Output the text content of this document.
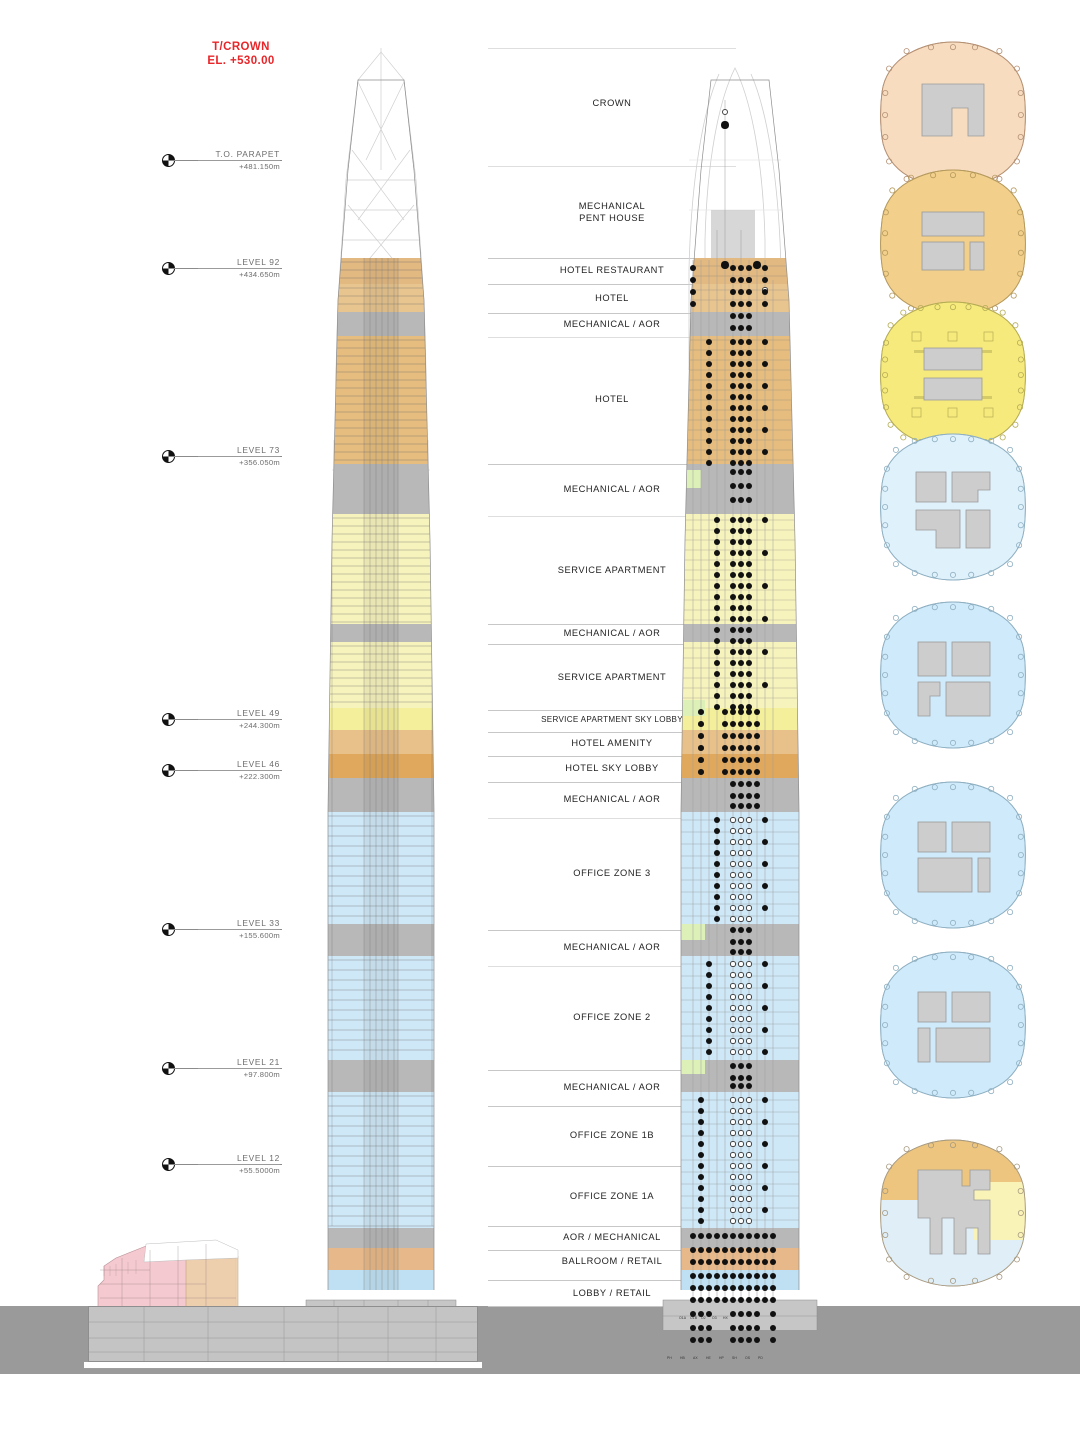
T/CROWN
EL. +530.00
T.O. PARAPET
+481.150m
LEVEL 92
+434.650m
LEVEL 73
+356.050m
LEVEL 49
+244.300m
LEVEL 46
+222.300m
LEVEL 33
+155.600m
LEVEL 21
+97.800m
LEVEL 12
+55.5000m
CROWN
MECHANICAL
PENT HOUSE
HOTEL RESTAURANT
HOTEL
MECHANICAL / AOR
HOTEL
MECHANICAL / AOR
SERVICE APARTMENT
MECHANICAL / AOR
SERVICE APARTMENT
SERVICE APARTMENT SKY LOBBY
HOTEL AMENITY
HOTEL SKY LOBBY
MECHANICAL / AOR
OFFICE ZONE 3
MECHANICAL / AOR
OFFICE ZONE 2
MECHANICAL / AOR
OFFICE ZONE 1B
OFFICE ZONE 1A
AOR / MECHANICAL
BALLROOM / RETAIL
LOBBY / RETAIL
O1A O1B O2 O3 HX
PH HB AX HE HP SH OS PD
